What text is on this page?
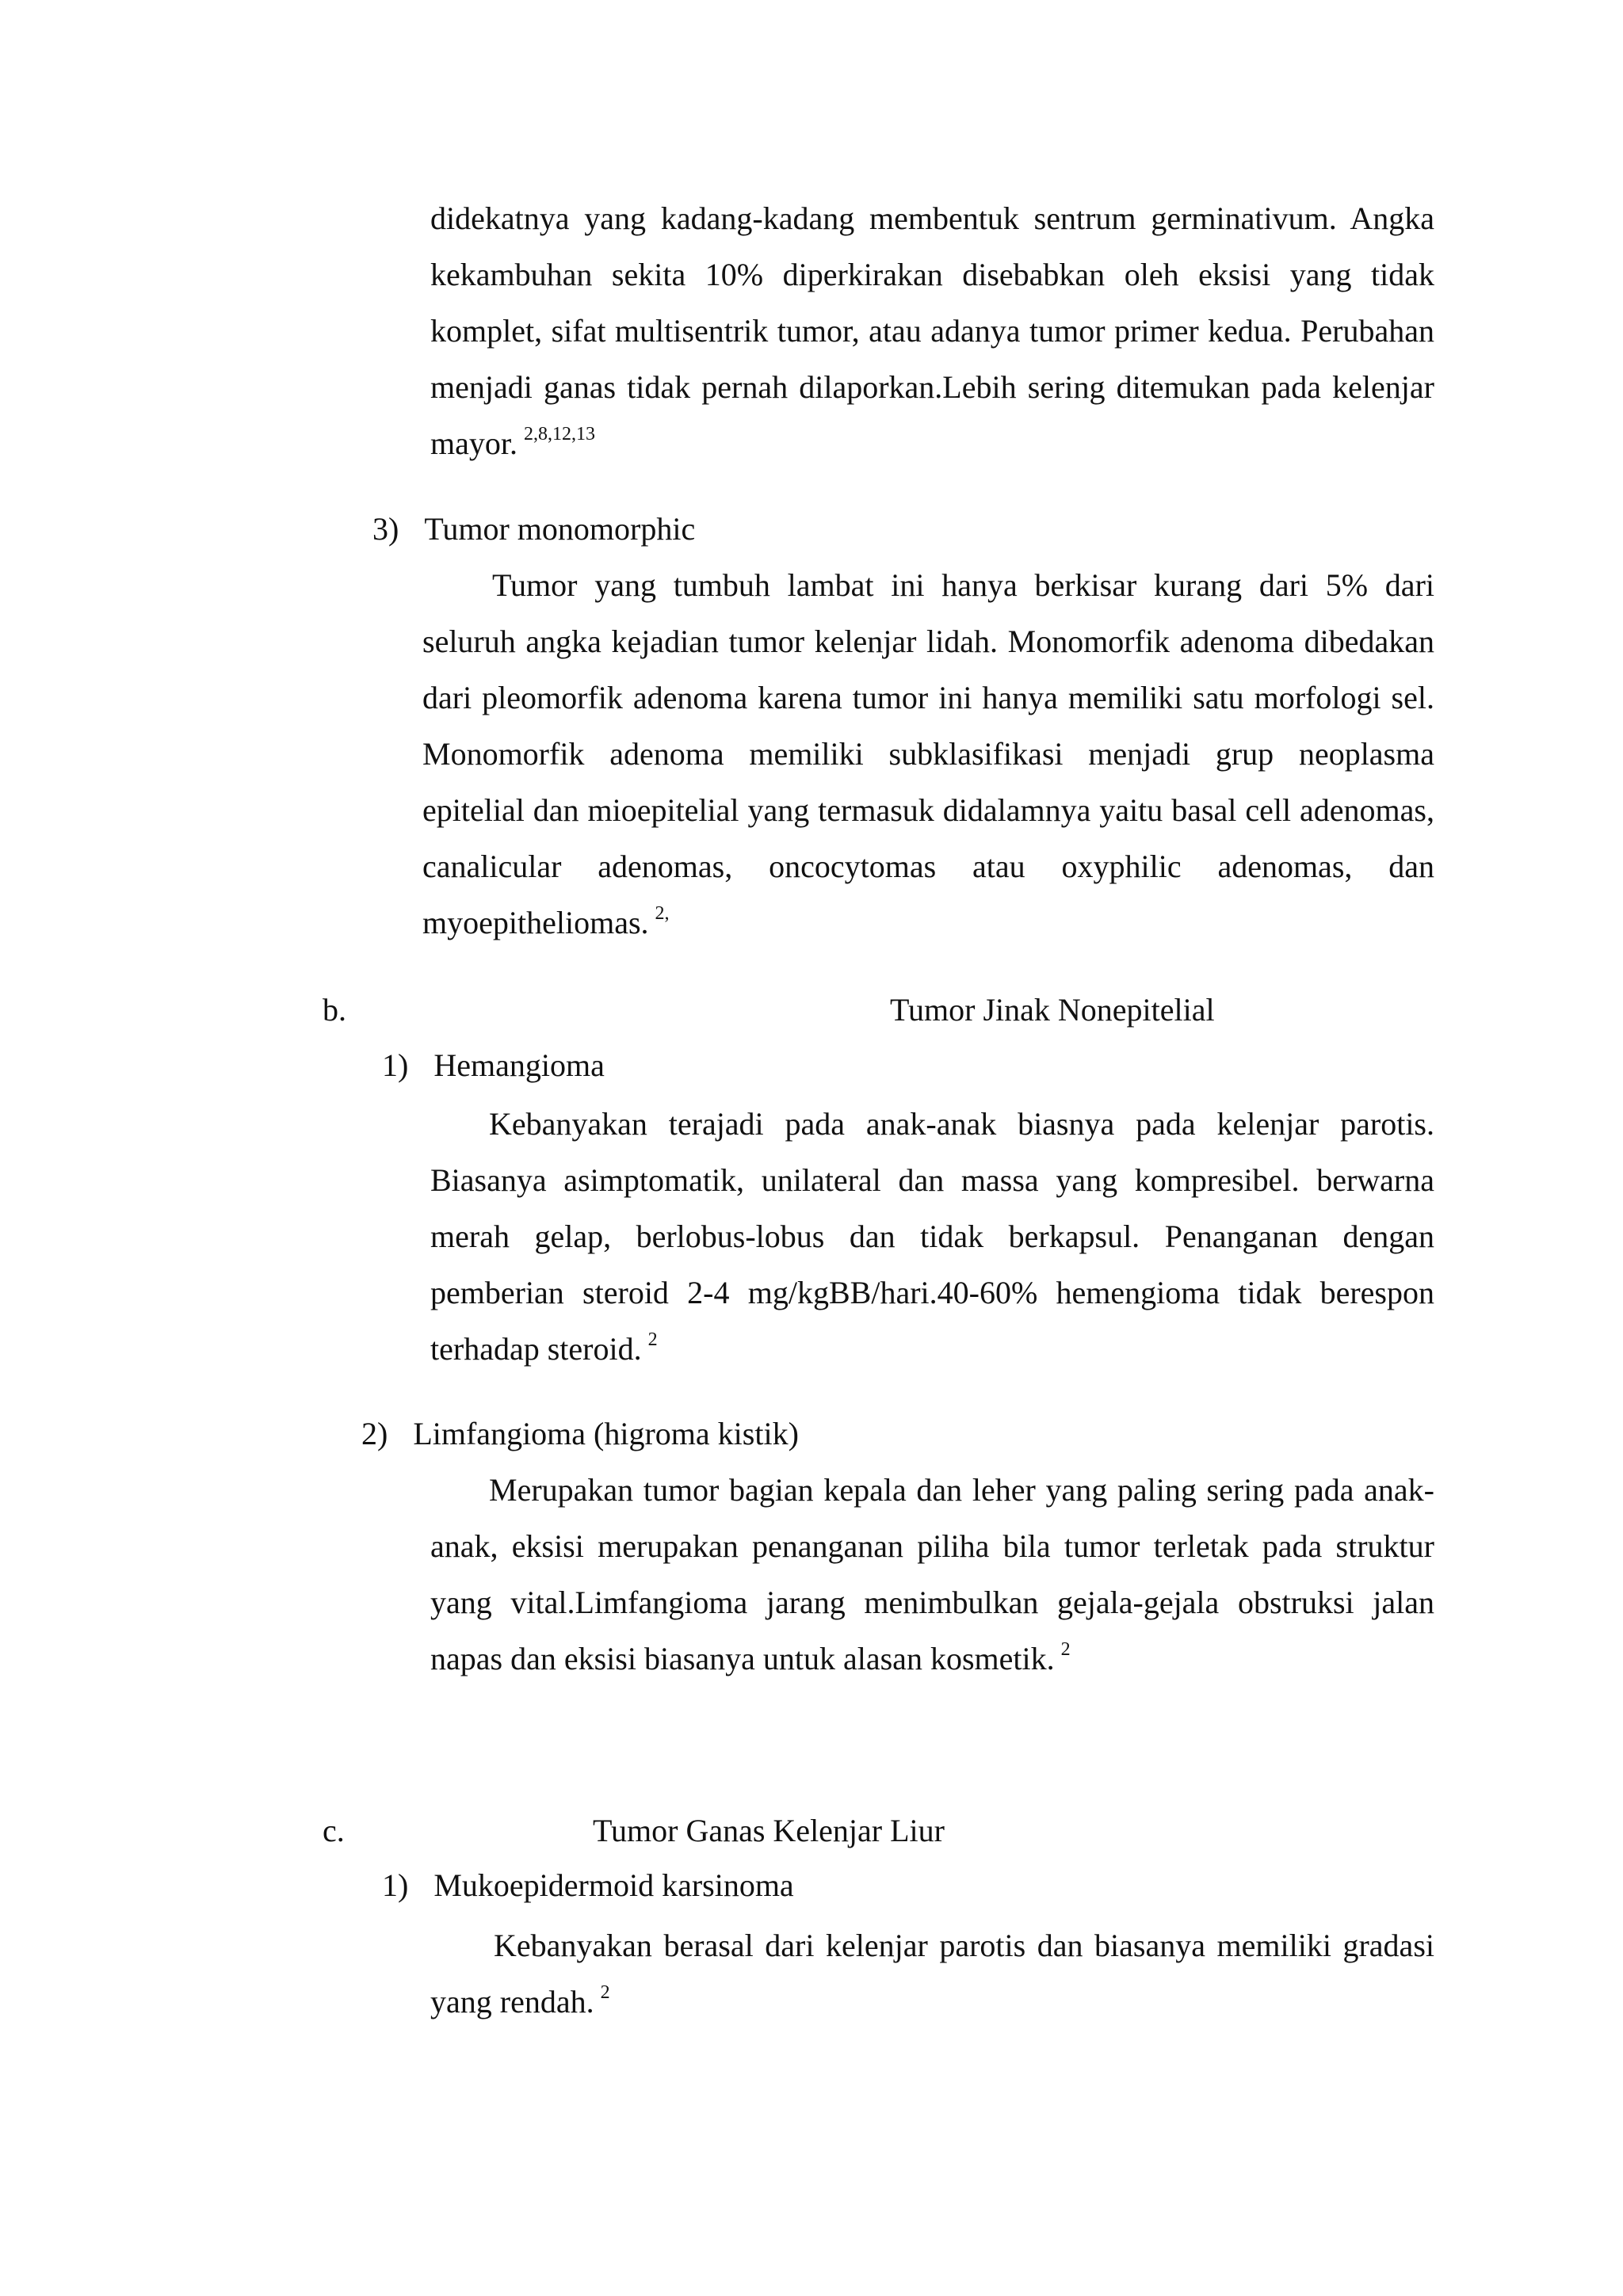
didekatnya yang kadang-kadang membentuk sentrum germinativum. Angka kekambuhan sekita 10% diperkirakan disebabkan oleh eksisi yang tidak komplet, sifat multisentrik tumor, atau adanya tumor primer kedua. Perubahan menjadi ganas tidak pernah dilaporkan.Lebih sering ditemukan pada kelenjar mayor. $^{2,8,12,13}$

3) Tumor monomorphic

Tumor yang tumbuh lambat ini hanya berkisar kurang dari 5% dari seluruh angka kejadian tumor kelenjar lidah. Monomorfik adenoma dibedakan dari pleomorfik adenoma karena tumor ini hanya memiliki satu morfologi sel. Monomorfik adenoma memiliki subklasifikasi menjadi grup neoplasma epitelial dan mioepitelial yang termasuk didalamnya yaitu basal cell adenomas, canalicular adenomas, oncocytomas atau oxyphilic adenomas, dan myoepitheliomas. $^{2,}$

b.	Tumor Jinak Nonepitelial
1) Hemangioma

Kebanyakan terajadi pada anak-anak biasnya pada kelenjar parotis. Biasanya asimptomatik, unilateral dan massa yang kompresibel. berwarna merah gelap, berlobus-lobus dan tidak berkapsul. Penanganan dengan pemberian steroid 2-4 mg/kgBB/hari.40-60% hemengioma tidak berespon terhadap steroid. $^2$

2) Limfangioma (higroma kistik)

Merupakan tumor bagian kepala dan leher yang paling sering pada anak-anak, eksisi merupakan penanganan piliha bila tumor terletak pada struktur yang vital.Limfangioma jarang menimbulkan gejala-gejala obstruksi jalan napas dan eksisi biasanya untuk alasan kosmetik. $^2$

c.	Tumor Ganas Kelenjar Liur
1) Mukoepidermoid karsinoma

Kebanyakan berasal dari kelenjar parotis dan biasanya memiliki gradasi yang rendah. $^2$
